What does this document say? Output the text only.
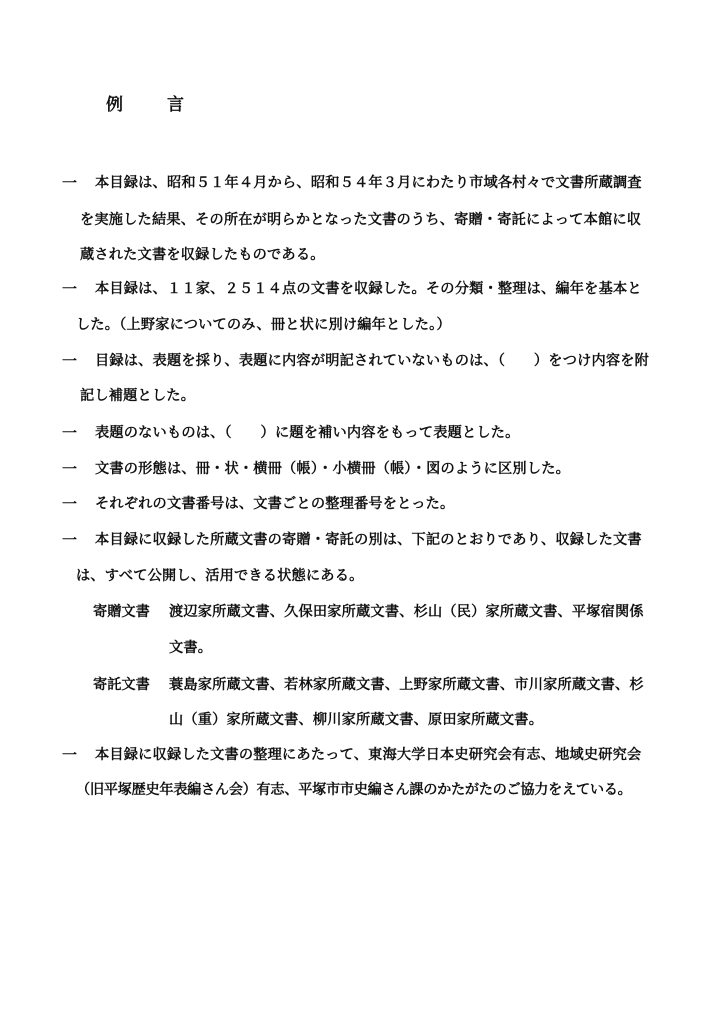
例	言
一 本目録は、昭和５１年４月から、昭和５４年３月にわたり市域各村々で文書所蔵調査
を実施した結果、その所在が明らかとなった文書のうち、寄贈・寄託によって本館に収
蔵された文書を収録したものである。
一 本目録は、１１家、２５１４点の文書を収録した。その分類・整理は、編年を基本と
した。（上野家についてのみ、冊と状に別け編年とした。）
一 目録は、表題を採り、表題に内容が明記されていないものは、（　　）をつけ内容を附
記し補題とした。
一 表題のないものは、（　　）に題を補い内容をもって表題とした。
一 文書の形態は、冊・状・横冊（帳）・小横冊（帳）・図のように区別した。
一 それぞれの文書番号は、文書ごとの整理番号をとった。
一 本目録に収録した所蔵文書の寄贈・寄託の別は、下記のとおりであり、収録した文書
は、すべて公開し、活用できる状態にある。
寄贈文書 渡辺家所蔵文書、久保田家所蔵文書、杉山（民）家所蔵文書、平塚宿関係
文書。
寄託文書 蓑島家所蔵文書、若林家所蔵文書、上野家所蔵文書、市川家所蔵文書、杉
山（重）家所蔵文書、柳川家所蔵文書、原田家所蔵文書。
一 本目録に収録した文書の整理にあたって、東海大学日本史研究会有志、地域史研究会
（旧平塚歴史年表編さん会）有志、平塚市市史編さん課のかたがたのご協力をえている。
